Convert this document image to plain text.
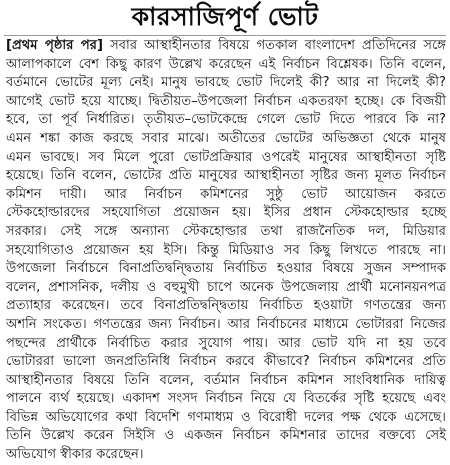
কারসাজিপূর্ণ ভোট
[প্রথম পৃষ্ঠার পর] সবার আস্থাহীনতার বিষয়ে গতকাল বাংলাদেশ প্রতিদিনের সঙ্গে
আলাপকালে বেশ কিছু কারণ উল্লেখ করেছেন এই নির্বাচন বিশ্লেষক। তিনি বলেন,
বর্তমানে ভোটের মূল্য নেই। মানুষ ভাবছে ভোট দিলেই কী? আর না দিলেই কী?
আগেই ভোট হয়ে যাচ্ছে। দ্বিতীয়ত–উপজেলা নির্বাচন একতরফা হচ্ছে। কে বিজয়ী
হবে, তা পূর্ব নির্ধারিত। তৃতীয়ত–ভোটকেন্দ্রে গেলে ভোট দিতে পারবে কি না?
এমন শঙ্কা কাজ করছে সবার মাঝে। অতীতের ভোটের অভিজ্ঞতা থেকে মানুষ
এমন ভাবছে। সব মিলে পুরো ভোটপ্রক্রিয়ার ওপরেই মানুষের আস্থাহীনতা সৃষ্টি
হয়েছে। তিনি বলেন, ভোটের প্রতি মানুষের আস্থাহীনতা সৃষ্টির জন্য মূলত নির্বাচন
কমিশন দায়ী। আর নির্বাচন কমিশনের সুষ্ঠু ভোট আয়োজন করতে
স্টেকহোল্ডারদের সহযোগিতা প্রয়োজন হয়। ইসির প্রধান স্টেকহোল্ডার হচ্ছে
সরকার। সেই সঙ্গে অন্যান্য স্টেকহোল্ডার তথা রাজনৈতিক দল, মিডিয়ার
সহযোগিতাও প্রয়োজন হয় ইসি। কিন্তু মিডিয়াও সব কিছু লিখতে পারছে না।
উপজেলা নির্বাচনে বিনাপ্রতিদ্বন্দ্বিতায় নির্বাচিত হওয়ার বিষয়ে সুজন সম্পাদক
বলেন, প্রশাসনিক, দলীয় ও বহুমুখী চাপে অনেক উপজেলায় প্রার্থী মনোনয়নপত্র
প্রত্যাহার করেছেন। তবে বিনাপ্রতিদ্বন্দ্বিতায় নির্বাচিত হওয়াটা গণতন্ত্রের জন্য
অশনি সংকেত। গণতন্ত্রের জন্য নির্বাচন। আর নির্বাচনের মাধ্যমে ভোটাররা নিজের
পছন্দের প্রার্থীকে নির্বাচিত করার সুযোগ পায়। আর ভোট যদি না হয় তবে
ভোটাররা ভালো জনপ্রতিনিধি নির্বাচন করবে কীভাবে? নির্বাচন কমিশনের প্রতি
আস্থাহীনতার বিষয়ে তিনি বলেন, বর্তমান নির্বাচন কমিশন সাংবিধানিক দায়িত্ব
পালনে ব্যর্থ হয়েছে। একাদশ সংসদ নির্বাচন নিয়ে যে বিতর্কের সৃষ্টি হয়েছে এবং
বিভিন্ন অভিযোগের কথা বিদেশি গণমাধ্যম ও বিরোধী দলের পক্ষ থেকে এসেছে।
তিনি উল্লেখ করেন সিইসি ও একজন নির্বাচন কমিশনার তাদের বক্তব্যে সেই
অভিযোগ স্বীকার করেছেন।
